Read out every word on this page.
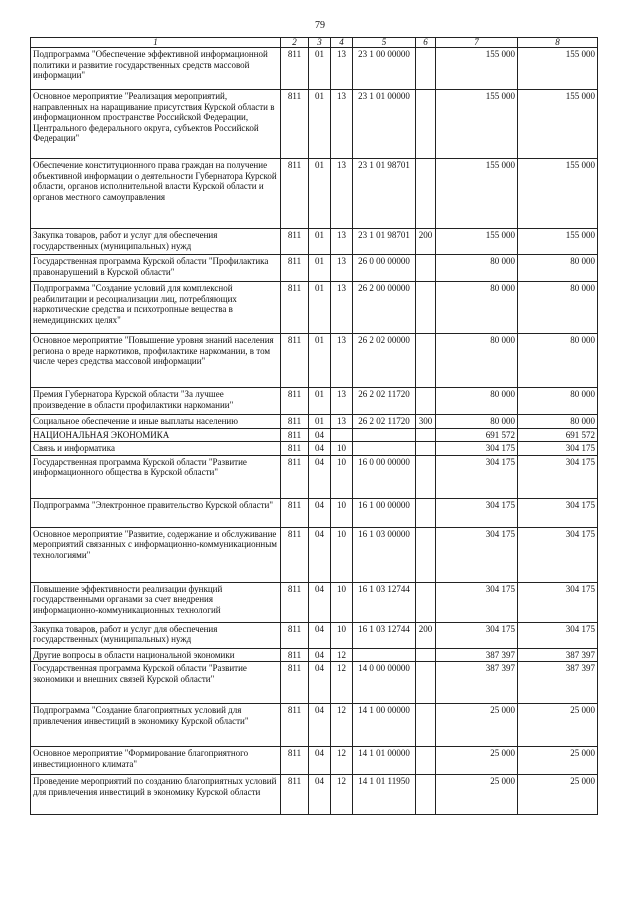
79
1	2	3	4	5	6	7	8
Подпрограмма "Обеспечение эффективной информационной политики и развитие государственных средств массовой информации"	811	01	13	23 1 00 00000		155 000	155 000
Основное мероприятие "Реализация мероприятий, направленных на наращивание присутствия Курской области в информационном пространстве Российской Федерации, Центрального федерального округа, субъектов Российской Федерации"	811	01	13	23 1 01 00000		155 000	155 000
Обеспечение конституционного права граждан на получение объективной информации о деятельности Губернатора Курской области, органов исполнительной власти Курской области и органов местного самоуправления	811	01	13	23 1 01 98701		155 000	155 000
Закупка товаров, работ и услуг для обеспечения государственных (муниципальных) нужд	811	01	13	23 1 01 98701	200	155 000	155 000
Государственная программа Курской области "Профилактика правонарушений в Курской области"	811	01	13	26 0 00 00000		80 000	80 000
Подпрограмма "Создание условий для комплексной реабилитации и ресоциализации лиц, потребляющих наркотические средства и психотропные вещества в немедицинских целях"	811	01	13	26 2 00 00000		80 000	80 000
Основное мероприятие "Повышение уровня знаний населения региона о вреде наркотиков, профилактике наркомании, в том числе через средства массовой информации"	811	01	13	26 2 02 00000		80 000	80 000
Премия Губернатора Курской области "За лучшее произведение в области профилактики наркомании"	811	01	13	26 2 02 11720		80 000	80 000
Социальное обеспечение и иные выплаты населению	811	01	13	26 2 02 11720	300	80 000	80 000
НАЦИОНАЛЬНАЯ ЭКОНОМИКА	811	04				691 572	691 572
Связь и информатика	811	04	10			304 175	304 175
Государственная программа Курской области "Развитие информационного общества в Курской области"	811	04	10	16 0 00 00000		304 175	304 175
Подпрограмма "Электронное правительство Курской области"	811	04	10	16 1 00 00000		304 175	304 175
Основное мероприятие "Развитие, содержание и обслуживание мероприятий связанных с информационно-коммуникационным технологиями"	811	04	10	16 1 03 00000		304 175	304 175
Повышение эффективности реализации функций государственными органами за счет внедрения информационно-коммуникационных технологий	811	04	10	16 1 03 12744		304 175	304 175
Закупка товаров, работ и услуг для обеспечения государственных (муниципальных) нужд	811	04	10	16 1 03 12744	200	304 175	304 175
Другие вопросы в области национальной экономики	811	04	12			387 397	387 397
Государственная программа Курской области "Развитие экономики и внешних связей Курской области"	811	04	12	14 0 00 00000		387 397	387 397
Подпрограмма "Создание благоприятных условий для привлечения инвестиций в экономику Курской области"	811	04	12	14 1 00 00000		25 000	25 000
Основное мероприятие "Формирование благоприятного инвестиционного климата"	811	04	12	14 1 01 00000		25 000	25 000
Проведение мероприятий по созданию благоприятных условий для привлечения инвестиций в экономику Курской области	811	04	12	14 1 01 11950		25 000	25 000
